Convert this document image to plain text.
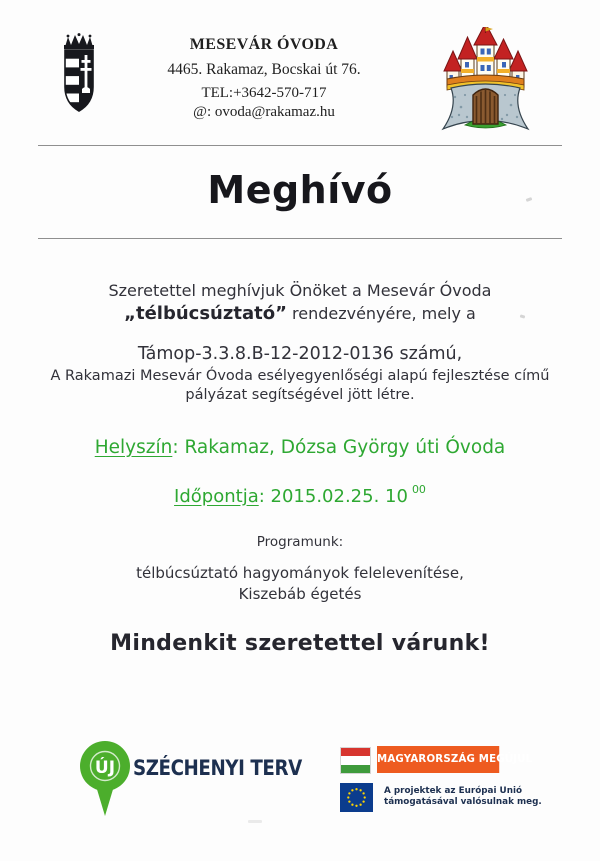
MESEVÁR ÓVODA
4465. Rakamaz, Bocskai út 76.
TEL:+3642-570-717
@: ovoda@rakamaz.hu
Meghívó
Szeretettel meghívjuk Önöket a Mesevár Óvoda
„télbúcsúztató” rendezvényére, mely a
Támop-3.3.8.B-12-2012-0136 számú,
A Rakamazi Mesevár Óvoda esélyegyenlőségi alapú fejlesztése című
pályázat segítségével jött létre.
Helyszín: Rakamaz, Dózsa György úti Óvoda
Időpontja: 2015.02.25. 10 $^{00}$
Programunk:
télbúcsúztató hagyományok felelevenítése,
Kiszebáb égetés
Mindenkit szeretettel várunk!
ÚJ SZÉCHENYI TERV	MAGYARORSZÁG MEGÚJUL
A projektek az Európai Unió
támogatásával valósulnak meg.
